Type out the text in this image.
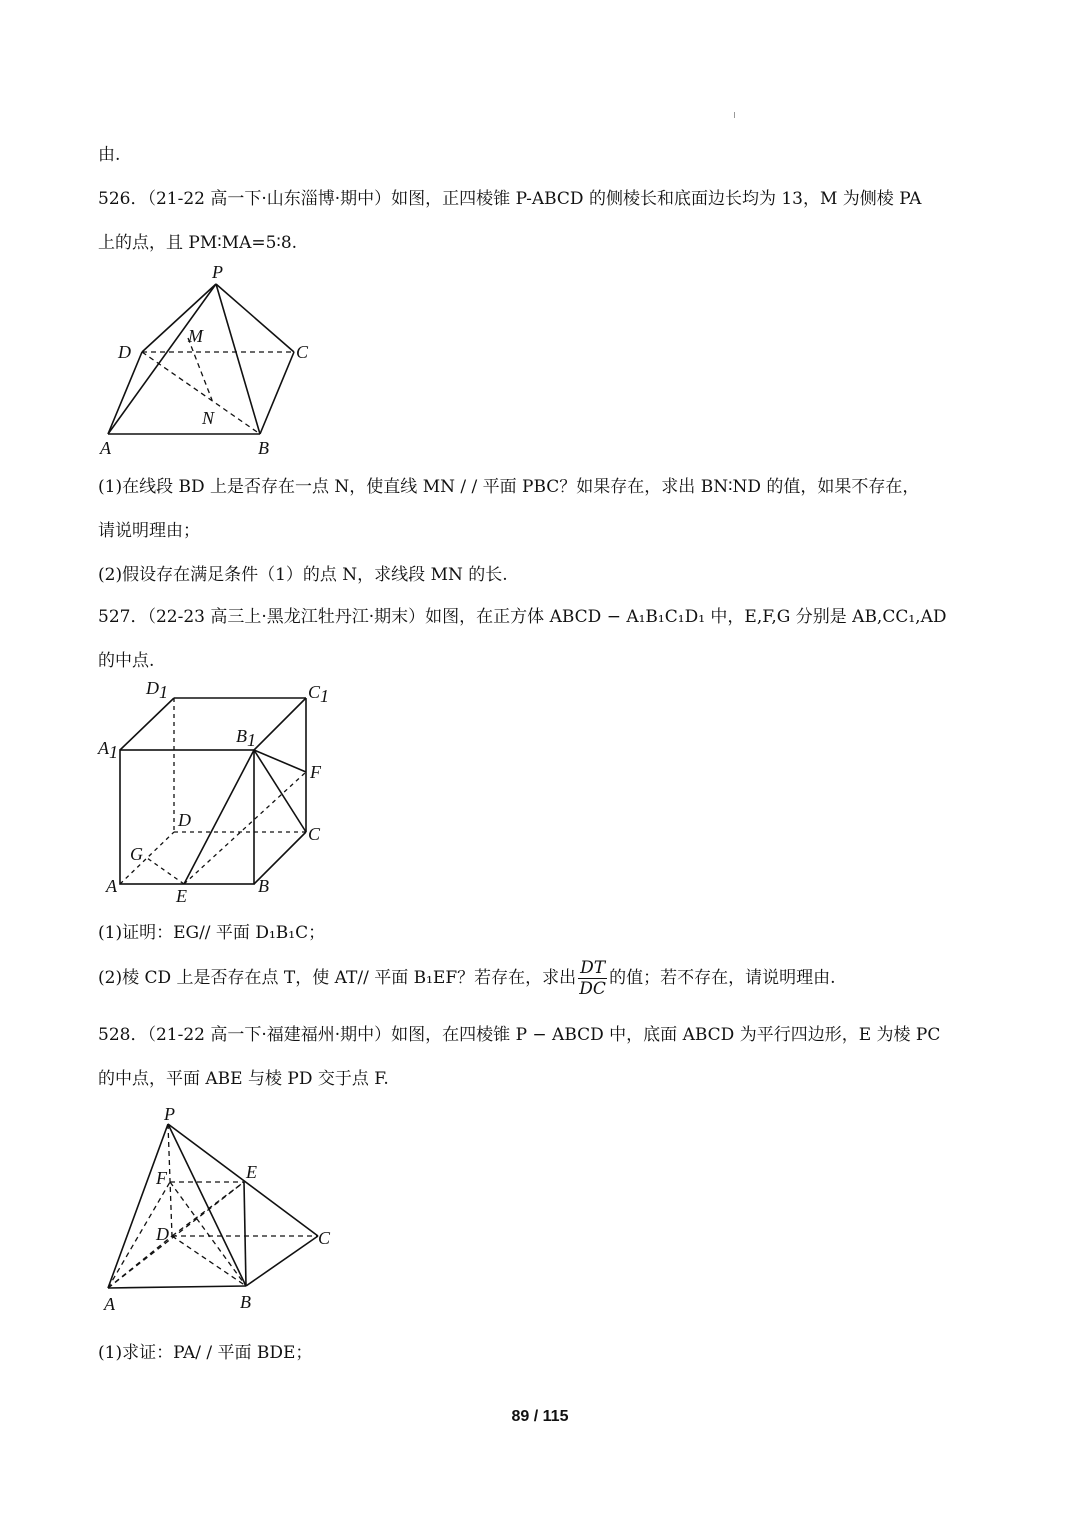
由.
526．（21-22 高一下·山东淄博·期中）如图，正四棱锥 P-ABCD 的侧棱长和底面边长均为 13，M 为侧棱 PA
上的点，且 PM∶MA=5∶8.
P
M
D	C
N
A	B
(1)在线段 BD 上是否存在一点 N，使直线 MN / / 平面 PBC？如果存在，求出 BN∶ND 的值，如果不存在，
请说明理由；
(2)假设存在满足条件（1）的点 N，求线段 MN 的长.
527．（22-23 高三上·黑龙江牡丹江·期末）如图，在正方体 ABCD − A₁B₁C₁D₁ 中，E,F,G 分别是 AB,CC₁,AD
的中点.
D1	C1
A1
B1
F
D
C
G
A	E	B
(1)证明：EG// 平面 D₁B₁C；
(2)棱 CD 上是否存在点 T，使 AT// 平面 B₁EF？若存在，求出 $\frac{DT}{DC}$ 的值；若不存在，请说明理由.
528．（21-22 高一下·福建福州·期中）如图，在四棱锥 P − ABCD 中，底面 ABCD 为平行四边形，E 为棱 PC
的中点，平面 ABE 与棱 PD 交于点 F.
P
F	E
D	C
A	B
(1)求证：PA/ / 平面 BDE；
89 / 115
